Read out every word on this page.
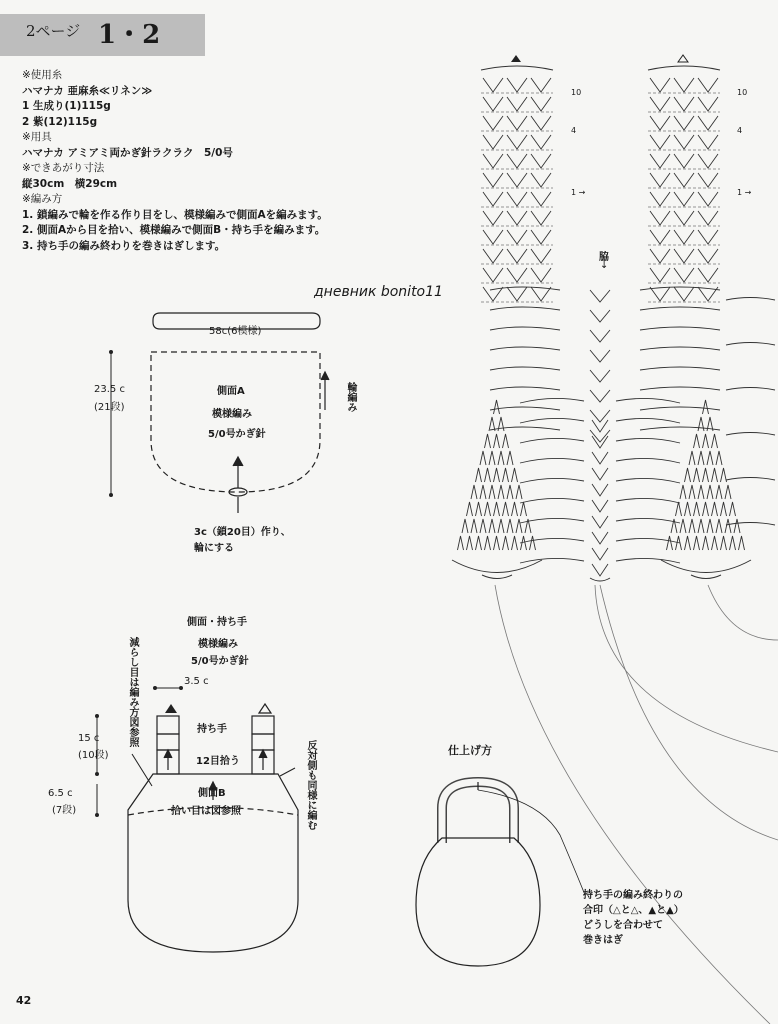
2ページ 1・2
※使用糸
ハマナカ 亜麻糸≪リネン≫
1 生成り(1)115g
2 紫(12)115g
※用具
ハマナカ アミアミ両かぎ針ラクラク　5/0号
※できあがり寸法
縦30cm　横29cm
※編み方
1. 鎖編みで輪を作る作り目をし、模様編みで側面Aを編みます。
2. 側面Aから目を拾い、模様編みで側面B・持ち手を編みます。
3. 持ち手の編み終わりを巻きはぎします。
дневник bonito11
58c(6模様)
23.5 c
(21段)
側面A
模様編み
5/0号かぎ針
輪編み
3c（鎖20目）作り、
輪にする
側面・持ち手
模様編み
5/0号かぎ針
減らし目は編み方図参照	3.5 c
持ち手
15 c
(10段)
12目拾う	反対側も同様に編む
側面B
6.5 c
(7段)	拾い目は図参照
仕上げ方
持ち手の編み終わりの
合印（△と△、▲と▲）
どうしを合わせて
巻きはぎ
10
4
1 →
10
4
1 →
脇
↓
42
